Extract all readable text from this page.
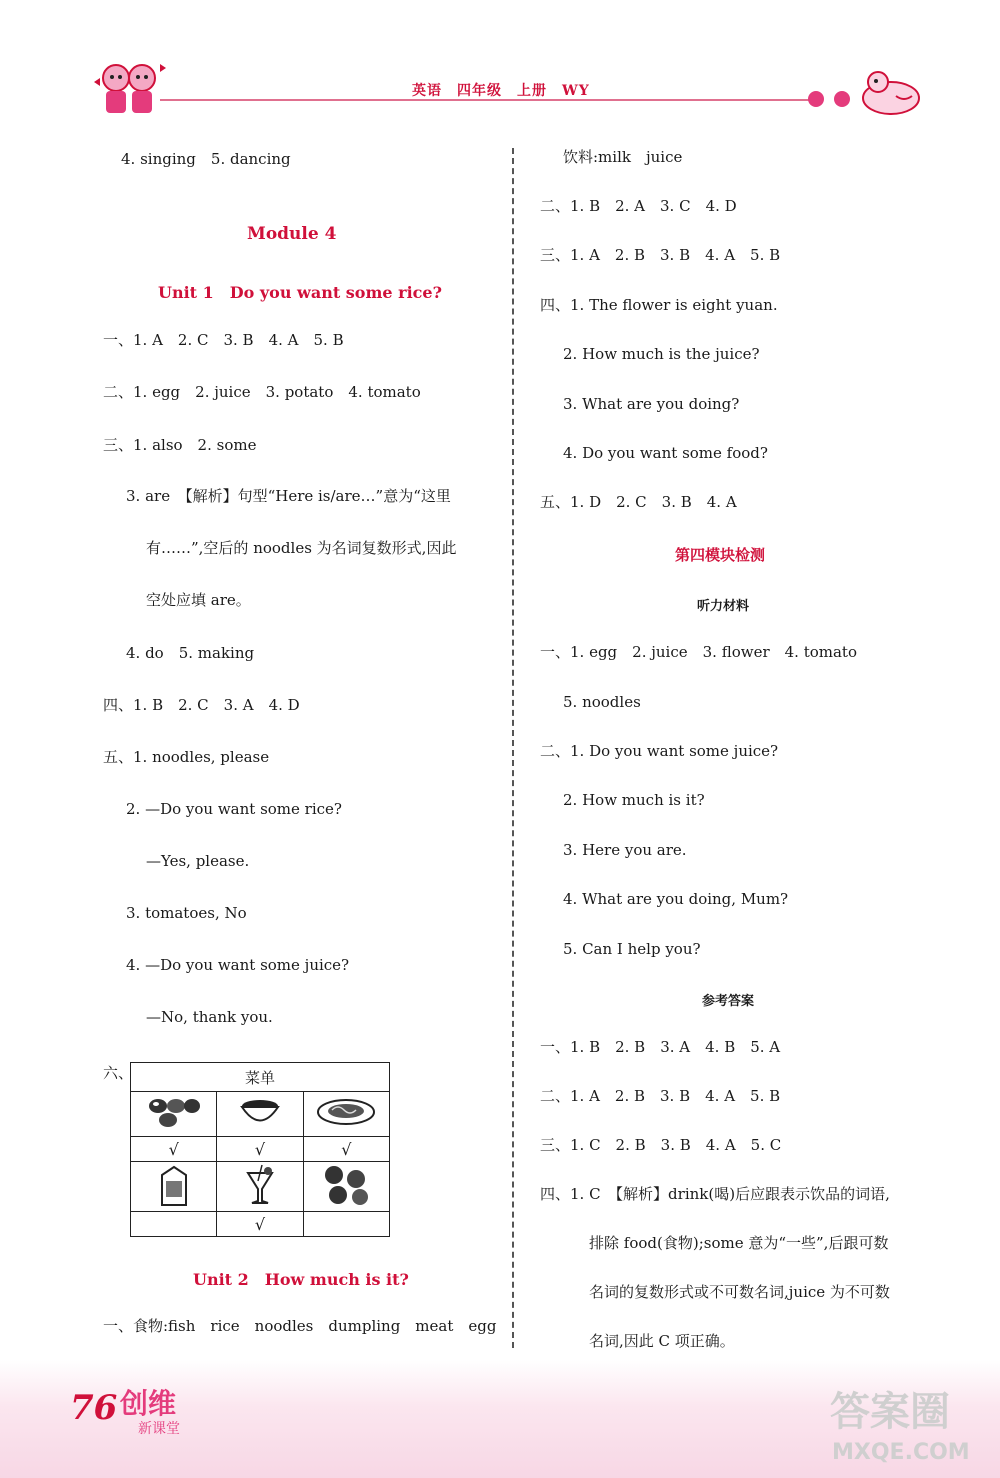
英语　四年级　上册　WY
4. singing　5. dancing
Module 4
Unit 1　Do you want some rice?
一、1. A　2. C　3. B　4. A　5. B
二、1. egg　2. juice　3. potato　4. tomato
三、1. also　2. some
3. are　【解析】句型“Here is/are…”意为“这里
有……”,空后的 noodles 为名词复数形式,因此
空处应填 are。
4. do　5. making
四、1. B　2. C　3. A　4. D
五、1. noodles, please
2. —Do you want some rice?
—Yes, please.
3. tomatoes, No
4. —Do you want some juice?
—No, thank you.
六、	菜单		

√	√	√

	√	
Unit 2　How much is it?
一、食物:fish　rice　noodles　dumpling　meat　egg
饮料:milk　juice
二、1. B　2. A　3. C　4. D
三、1. A　2. B　3. B　4. A　5. B
四、1. The flower is eight yuan.
2. How much is the juice?
3. What are you doing?
4. Do you want some food?
五、1. D　2. C　3. B　4. A
第四模块检测
听力材料
一、1. egg　2. juice　3. flower　4. tomato
5. noodles
二、1. Do you want some juice?
2. How much is it?
3. Here you are.
4. What are you doing, Mum?
5. Can I help you?
参考答案
一、1. B　2. B　3. A　4. B　5. A
二、1. A　2. B　3. B　4. A　5. B
三、1. C　2. B　3. B　4. A　5. C
四、1. C　【解析】drink(喝)后应跟表示饮品的词语,
排除 food(食物);some 意为“一些”,后跟可数
名词的复数形式或不可数名词,juice 为不可数
名词,因此 C 项正确。
76 创维
新课堂	答案圈
MXQE.COM
